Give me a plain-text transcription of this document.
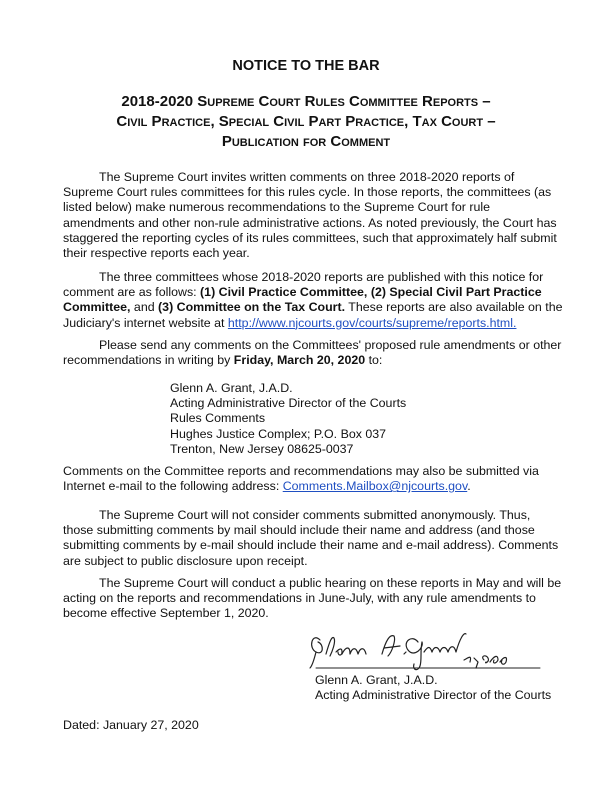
NOTICE TO THE BAR
2018-2020 Supreme Court Rules Committee Reports –
Civil Practice, Special Civil Part Practice, Tax Court –
Publication for Comment

The Supreme Court invites written comments on three 2018-2020 reports of Supreme Court rules committees for this rules cycle. In those reports, the committees (as listed below) make numerous recommendations to the Supreme Court for rule amendments and other non-rule administrative actions. As noted previously, the Court has staggered the reporting cycles of its rules committees, such that approximately half submit their respective reports each year.

The three committees whose 2018-2020 reports are published with this notice for comment are as follows: (1) Civil Practice Committee, (2) Special Civil Part Practice Committee, and (3) Committee on the Tax Court. These reports are also available on the Judiciary's internet website at http://www.njcourts.gov/courts/supreme/reports.html.

Please send any comments on the Committees' proposed rule amendments or other recommendations in writing by Friday, March 20, 2020 to:

Glenn A. Grant, J.A.D.
Acting Administrative Director of the Courts
Rules Comments
Hughes Justice Complex; P.O. Box 037
Trenton, New Jersey 08625-0037

Comments on the Committee reports and recommendations may also be submitted via Internet e-mail to the following address: Comments.Mailbox@njcourts.gov.

The Supreme Court will not consider comments submitted anonymously. Thus, those submitting comments by mail should include their name and address (and those submitting comments by e-mail should include their name and e-mail address). Comments are subject to public disclosure upon receipt.

The Supreme Court will conduct a public hearing on these reports in May and will be acting on the reports and recommendations in June-July, with any rule amendments to become effective September 1, 2020.

Glenn A. Grant, J.A.D.
Acting Administrative Director of the Courts
Dated: January 27, 2020
